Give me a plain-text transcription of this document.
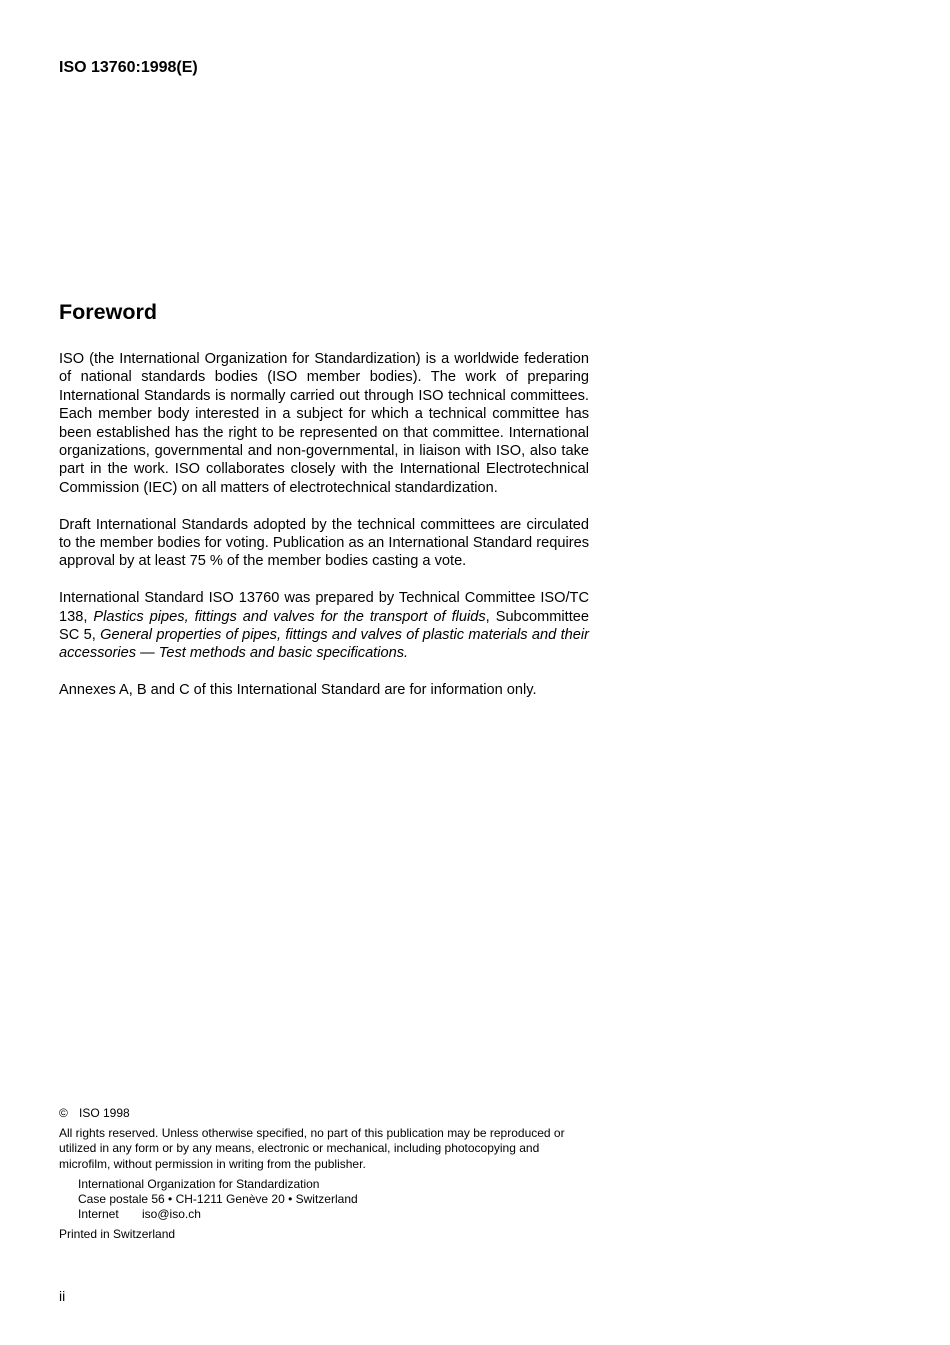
ISO 13760:1998(E)
Foreword

ISO (the International Organization for Standardization) is a worldwide federation of national standards bodies (ISO member bodies). The work of preparing International Standards is normally carried out through ISO technical committees. Each member body interested in a subject for which a technical committee has been established has the right to be represented on that committee. International organizations, governmental and non-governmental, in liaison with ISO, also take part in the work. ISO collaborates closely with the International Electrotechnical Commission (IEC) on all matters of electrotechnical standardization.

Draft International Standards adopted by the technical committees are circulated to the member bodies for voting. Publication as an International Standard requires approval by at least 75 % of the member bodies casting a vote.

International Standard ISO 13760 was prepared by Technical Committee ISO/TC 138, Plastics pipes, fittings and valves for the transport of fluids, Subcommittee SC 5, General properties of pipes, fittings and valves of plastic materials and their accessories — Test methods and basic specifications.

Annexes A, B and C of this International Standard are for information only.

© ISO 1998
All rights reserved. Unless otherwise specified, no part of this publication may be reproduced or utilized in any form or by any means, electronic or mechanical, including photocopying and microfilm, without permission in writing from the publisher.
International Organization for Standardization
Case postale 56 • CH-1211 Genève 20 • Switzerland
Internet iso@iso.ch
Printed in Switzerland
ii
